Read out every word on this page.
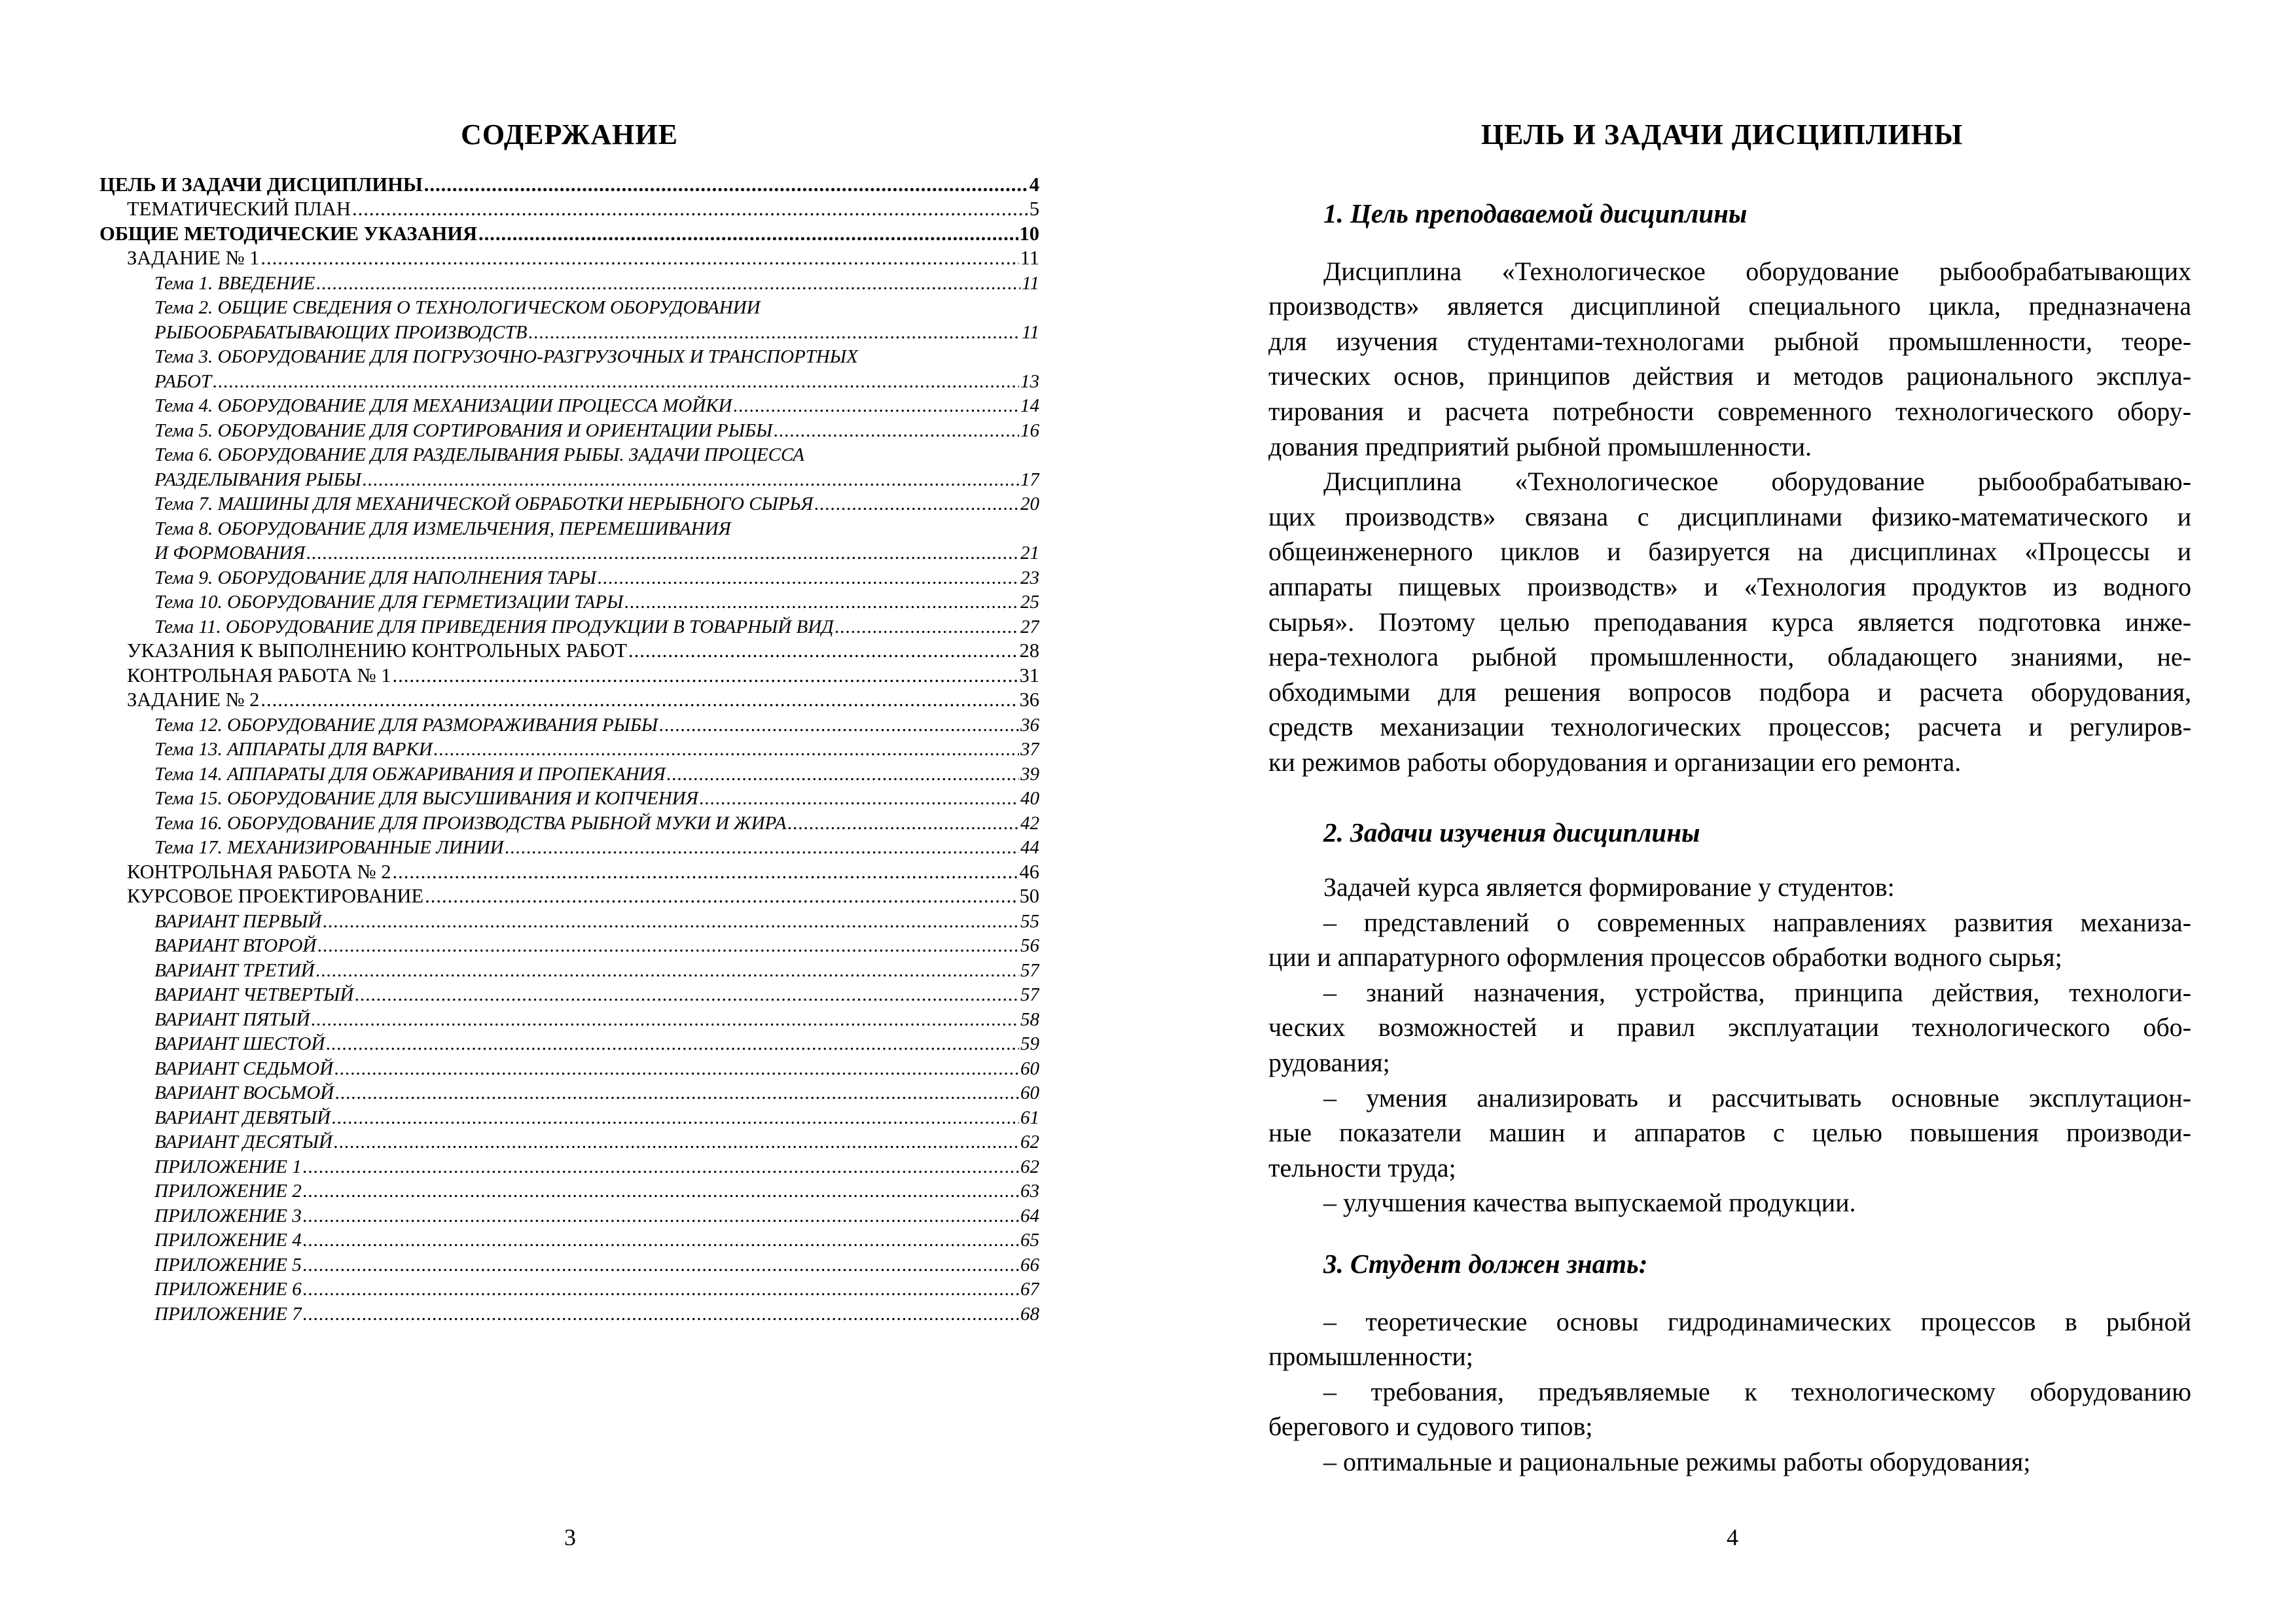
СОДЕРЖАНИЕ
ЦЕЛЬ И ЗАДАЧИ ДИСЦИПЛИНЫ .....	4
ТЕМАТИЧЕСКИЙ ПЛАН .....	5
ОБЩИЕ МЕТОДИЧЕСКИЕ УКАЗАНИЯ .....	10
ЗАДАНИЕ № 1 .....	11
Тема 1. ВВЕДЕНИЕ .....	11
Тема 2. ОБЩИЕ СВЕДЕНИЯ О ТЕХНОЛОГИЧЕСКОМ ОБОРУДОВАНИИ
РЫБООБРАБАТЫВАЮЩИХ ПРОИЗВОДСТВ .....	11
Тема 3. ОБОРУДОВАНИЕ ДЛЯ ПОГРУЗОЧНО-РАЗГРУЗОЧНЫХ И ТРАНСПОРТНЫХ
РАБОТ .....	13
Тема 4. ОБОРУДОВАНИЕ ДЛЯ МЕХАНИЗАЦИИ ПРОЦЕССА МОЙКИ .....	14
Тема 5. ОБОРУДОВАНИЕ ДЛЯ СОРТИРОВАНИЯ И ОРИЕНТАЦИИ РЫБЫ .....	16
Тема 6. ОБОРУДОВАНИЕ ДЛЯ РАЗДЕЛЫВАНИЯ РЫБЫ. ЗАДАЧИ ПРОЦЕССА
РАЗДЕЛЫВАНИЯ РЫБЫ .....	17
Тема 7. МАШИНЫ ДЛЯ МЕХАНИЧЕСКОЙ ОБРАБОТКИ НЕРЫБНОГО СЫРЬЯ .....	20
Тема 8. ОБОРУДОВАНИЕ ДЛЯ ИЗМЕЛЬЧЕНИЯ, ПЕРЕМЕШИВАНИЯ
И ФОРМОВАНИЯ .....	21
Тема 9. ОБОРУДОВАНИЕ ДЛЯ НАПОЛНЕНИЯ ТАРЫ .....	23
Тема 10. ОБОРУДОВАНИЕ ДЛЯ ГЕРМЕТИЗАЦИИ ТАРЫ .....	25
Тема 11. ОБОРУДОВАНИЕ ДЛЯ ПРИВЕДЕНИЯ ПРОДУКЦИИ В ТОВАРНЫЙ ВИД .....	27
УКАЗАНИЯ К ВЫПОЛНЕНИЮ КОНТРОЛЬНЫХ РАБОТ .....	28
КОНТРОЛЬНАЯ РАБОТА № 1 .....	31
ЗАДАНИЕ № 2 .....	36
Тема 12. ОБОРУДОВАНИЕ ДЛЯ РАЗМОРАЖИВАНИЯ РЫБЫ .....	36
Тема 13. АППАРАТЫ ДЛЯ ВАРКИ .....	37
Тема 14. АППАРАТЫ ДЛЯ ОБЖАРИВАНИЯ И ПРОПЕКАНИЯ .....	39
Тема 15. ОБОРУДОВАНИЕ ДЛЯ ВЫСУШИВАНИЯ И КОПЧЕНИЯ .....	40
Тема 16. ОБОРУДОВАНИЕ ДЛЯ ПРОИЗВОДСТВА РЫБНОЙ МУКИ И ЖИРА .....	42
Тема 17. МЕХАНИЗИРОВАННЫЕ ЛИНИИ .....	44
КОНТРОЛЬНАЯ РАБОТА № 2 .....	46
КУРСОВОЕ ПРОЕКТИРОВАНИЕ .....	50
ВАРИАНТ ПЕРВЫЙ .....	55
ВАРИАНТ ВТОРОЙ .....	56
ВАРИАНТ ТРЕТИЙ .....	57
ВАРИАНТ ЧЕТВЕРТЫЙ .....	57
ВАРИАНТ ПЯТЫЙ .....	58
ВАРИАНТ ШЕСТОЙ .....	59
ВАРИАНТ СЕДЬМОЙ .....	60
ВАРИАНТ ВОСЬМОЙ .....	60
ВАРИАНТ ДЕВЯТЫЙ .....	61
ВАРИАНТ ДЕСЯТЫЙ .....	62
ПРИЛОЖЕНИЕ 1 .....	62
ПРИЛОЖЕНИЕ 2 .....	63
ПРИЛОЖЕНИЕ 3 .....	64
ПРИЛОЖЕНИЕ 4 .....	65
ПРИЛОЖЕНИЕ 5 .....	66
ПРИЛОЖЕНИЕ 6 .....	67
ПРИЛОЖЕНИЕ 7 .....	68
3
ЦЕЛЬ И ЗАДАЧИ ДИСЦИПЛИНЫ
1. Цель преподаваемой дисциплины
Дисциплина «Технологическое оборудование рыбообрабатывающих
производств» является дисциплиной специального цикла, предназначена
для изучения студентами-технологами рыбной промышленности, теоре-
тических основ, принципов действия и методов рационального эксплуа-
тирования и расчета потребности современного технологического обору-
дования предприятий рыбной промышленности.
Дисциплина «Технологическое оборудование рыбообрабатываю-
щих производств» связана с дисциплинами физико-математического и
общеинженерного циклов и базируется на дисциплинах «Процессы и
аппараты пищевых производств» и «Технология продуктов из водного
сырья». Поэтому целью преподавания курса является подготовка инже-
нера-технолога рыбной промышленности, обладающего знаниями, не-
обходимыми для решения вопросов подбора и расчета оборудования,
средств механизации технологических процессов; расчета и регулиров-
ки режимов работы оборудования и организации его ремонта.
2. Задачи изучения дисциплины
Задачей курса является формирование у студентов:
– представлений о современных направлениях развития механиза-
ции и аппаратурного оформления процессов обработки водного сырья;
– знаний назначения, устройства, принципа действия, технологи-
ческих возможностей и правил эксплуатации технологического обо-
рудования;
– умения анализировать и рассчитывать основные эксплутацион-
ные показатели машин и аппаратов с целью повышения производи-
тельности труда;
– улучшения качества выпускаемой продукции.
3. Студент должен знать:
– теоретические основы гидродинамических процессов в рыбной
промышленности;
– требования, предъявляемые к технологическому оборудованию
берегового и судового типов;
– оптимальные и рациональные режимы работы оборудования;
4
